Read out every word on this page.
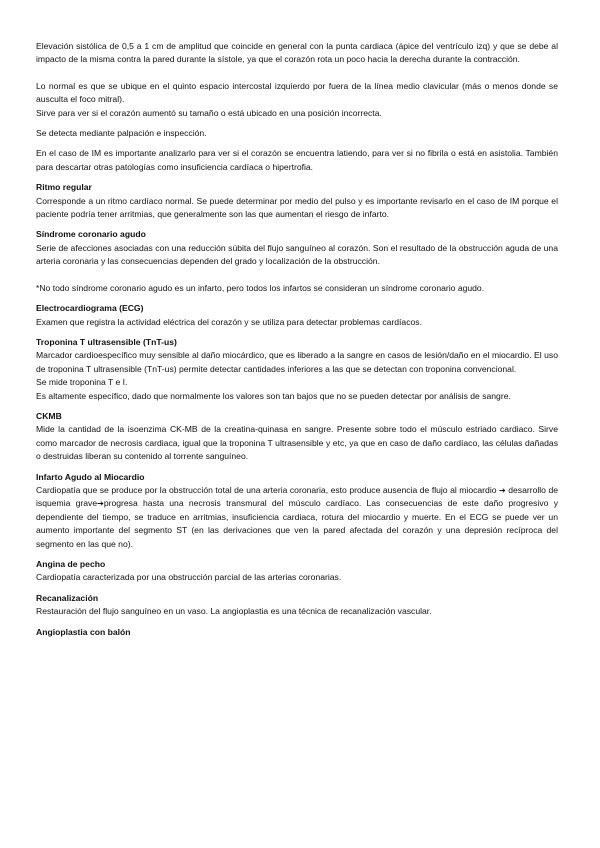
Elevación sistólica de 0,5 a 1 cm de amplitud que coincide en general con la punta cardiaca (ápice del ventrículo izq) y que se debe al impacto de la misma contra la pared durante la sístole, ya que el corazón rota un poco hacia la derecha durante la contracción.

Lo normal es que se ubique en el quinto espacio intercostal izquierdo por fuera de la línea medio clavicular (más o menos donde se ausculta el foco mitral).

Sirve para ver si el corazón aumentó su tamaño o está ubicado en una posición incorrecta.

Se detecta mediante palpación e inspección.

En el caso de IM es importante analizarlo para ver si el corazón se encuentra latiendo, para ver si no fibrila o está en asistolia. También para descartar otras patologías como insuficiencia cardíaca o hipertrofia.

Ritmo regular

Corresponde a un ritmo cardíaco normal. Se puede determinar por medio del pulso y es importante revisarlo en el caso de IM porque el paciente podría tener arritmias, que generalmente son las que aumentan el riesgo de infarto.

Síndrome coronario agudo

Serie de afecciones asociadas con una reducción súbita del flujo sanguíneo al corazón. Son el resultado de la obstrucción aguda de una arteria coronaria y las consecuencias dependen del grado y localización de la obstrucción.

*No todo síndrome coronario agudo es un infarto, pero todos los infartos se consideran un síndrome coronario agudo.

Electrocardiograma (ECG)

Examen que registra la actividad eléctrica del corazón y se utiliza para detectar problemas cardíacos.

Troponina T ultrasensible (TnT-us)

Marcador cardioespecífico muy sensible al daño miocárdico, que es liberado a la sangre en casos de lesión/daño en el miocardio. El uso de troponina T ultrasensible (TnT-us) permite detectar cantidades inferiores a las que se detectan con troponina convencional.

Se mide troponina T e I.

Es altamente específico, dado que normalmente los valores son tan bajos que no se pueden detectar por análisis de sangre.

CKMB

Mide la cantidad de la isoenzima CK-MB de la creatina-quinasa en sangre. Presente sobre todo el músculo estriado cardiaco. Sirve como marcador de necrosis cardiaca, igual que la troponina T ultrasensible y etc, ya que en caso de daño cardíaco, las células dañadas o destruidas liberan su contenido al torrente sanguíneo.

Infarto Agudo al Miocardio

Cardiopatía que se produce por la obstrucción total de una arteria coronaria, esto produce ausencia de flujo al miocardio ➔ desarrollo de isquemia grave➔progresa hasta una necrosis transmural del músculo cardíaco. Las consecuencias de este daño progresivo y dependiente del tiempo, se traduce en arritmias, insuficiencia cardiaca, rotura del miocardio y muerte. En el ECG se puede ver un aumento importante del segmento ST (en las derivaciones que ven la pared afectada del corazón y una depresión recíproca del segmento en las que no).

Angina de pecho

Cardiopatía caracterizada por una obstrucción parcial de las arterias coronarias.

Recanalización

Restauración del flujo sanguíneo en un vaso. La angioplastia es una técnica de recanalización vascular.

Angioplastia con balón
